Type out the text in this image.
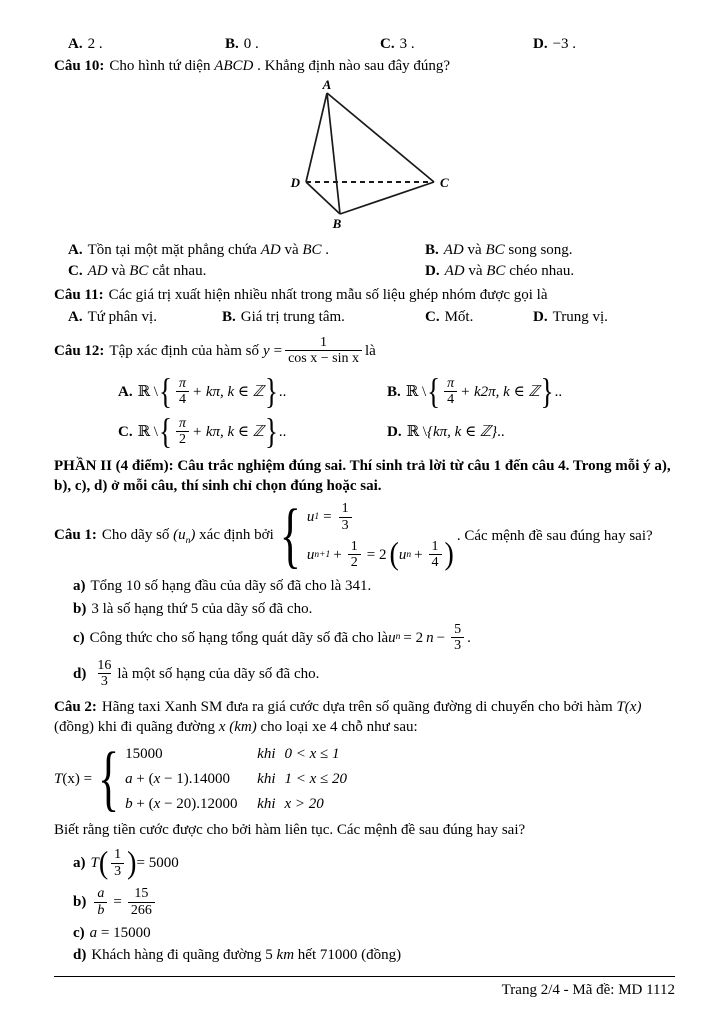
A. 2 .	B. 0 .	C. 3 .	D. −3 .

Câu 10: Cho hình tứ diện ABCD . Khẳng định nào sau đây đúng?

A
D	C
B
A. Tồn tại một mặt phẳng chứa AD và BC .	B. AD và BC song song.
C. AD và BC cắt nhau.	D. AD và BC chéo nhau.

Câu 11: Các giá trị xuất hiện nhiều nhất trong mẫu số liệu ghép nhóm được gọi là

A. Tứ phân vị.	B. Giá trị trung tâm.	C. Mốt.	D. Trung vị.
Câu 12: Tập xác định của hàm số $y = \frac{1}{\text{cos x − sin x}}$ là
A. ℝ \ { $\frac{\pi}{4} + k\pi$, k ∈ ℤ } ..	B. ℝ \ { $\frac{\pi}{4} + k2\pi$, k ∈ ℤ } ..
C. ℝ \ { $\frac{\pi}{2} + k\pi$, k ∈ ℤ } ..	D. ℝ \ {kπ, k ∈ ℤ} ..

PHẦN II (4 điểm): Câu trắc nghiệm đúng sai. Thí sinh trả lời từ câu 1 đến câu 4. Trong mỗi ý a), b), c), d) ở mỗi câu, thí sinh chỉ chọn đúng hoặc sai.

Câu 1: Cho dãy số $(u_n)$ xác định bởi { u $1 = \frac{1}{3}$
u $n+1 + \frac{1}{2} = 2$ ( u $n + \frac{1}{4}$ )
. Các mệnh đề sau đúng hay sai?

a) Tổng 10 số hạng đầu của dãy số đã cho là 341.

b) 3 là số hạng thứ 5 của dãy số đã cho.

c) Công thức cho số hạng tổng quát dãy số đã cho là u n = 2 $n - \frac{5}{3}$ .

$d) \frac{16}{3}$ là một số hạng của dãy số đã cho.

Câu 2: Hãng taxi Xanh SM đưa ra giá cước dựa trên số quãng đường di chuyển cho bởi hàm T(x) (đồng) khi đi quãng đường x (km) cho loại xe 4 chỗ như sau:

T(x) = { 15000	khi 0 < x ≤ 1
a + (x − 1).14000	khi 1 < x ≤ 20
b + (x − 20).12000	khi x > 20

Biết rằng tiền cước được cho bởi hàm liên tục. Các mệnh đề sau đúng hay sai?

a) T ( $\frac{1}{3}$ ) = 5000

$b) \frac{a}{b} = \frac{15}{266}$

c) a = 15000

d) Khách hàng đi quãng đường 5 km hết 71000 (đồng)

Trang 2/4 - Mã đề: MD 1112
